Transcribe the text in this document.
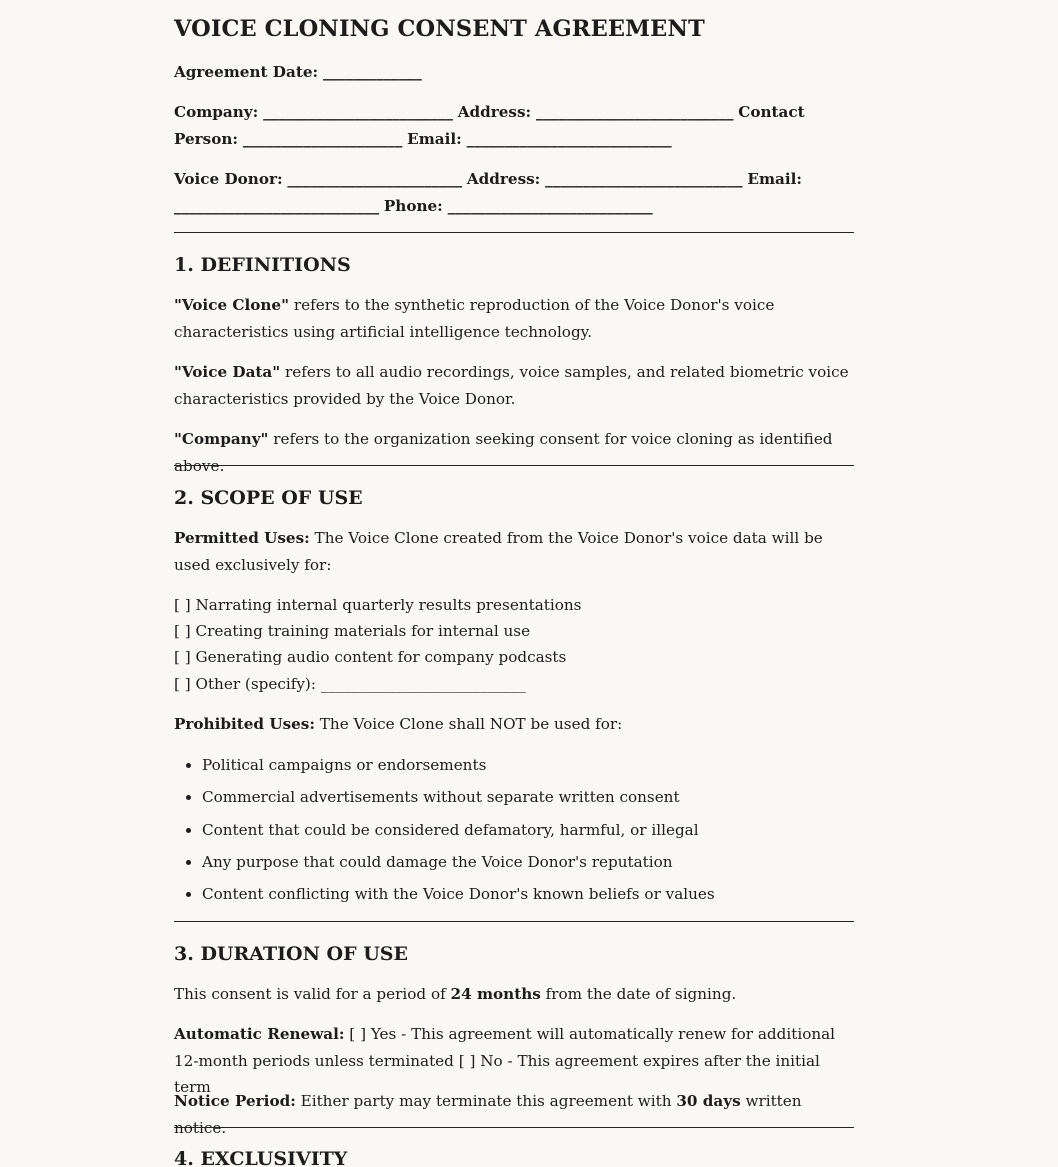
VOICE CLONING CONSENT AGREEMENT

Agreement Date: _____________

Company: _________________________ Address: __________________________ Contact Person: _____________________ Email: ___________________________

Voice Donor: _______________________ Address: __________________________ Email: ___________________________ Phone: ___________________________

1. DEFINITIONS

"Voice Clone" refers to the synthetic reproduction of the Voice Donor's voice characteristics using artificial intelligence technology.

"Voice Data" refers to all audio recordings, voice samples, and related biometric voice characteristics provided by the Voice Donor.

"Company" refers to the organization seeking consent for voice cloning as identified above.

2. SCOPE OF USE

Permitted Uses: The Voice Clone created from the Voice Donor's voice data will be used exclusively for:

[ ] Narrating internal quarterly results presentations
[ ] Creating training materials for internal use
[ ] Generating audio content for company podcasts
[ ] Other (specify): ___________________________

Prohibited Uses: The Voice Clone shall NOT be used for:

• Political campaigns or endorsements
• Commercial advertisements without separate written consent
• Content that could be considered defamatory, harmful, or illegal
• Any purpose that could damage the Voice Donor's reputation
• Content conflicting with the Voice Donor's known beliefs or values
3. DURATION OF USE

This consent is valid for a period of 24 months from the date of signing.

Automatic Renewal: [ ] Yes - This agreement will automatically renew for additional 12-month periods unless terminated [ ] No - This agreement expires after the initial term

Notice Period: Either party may terminate this agreement with 30 days written notice.

4. EXCLUSIVITY
